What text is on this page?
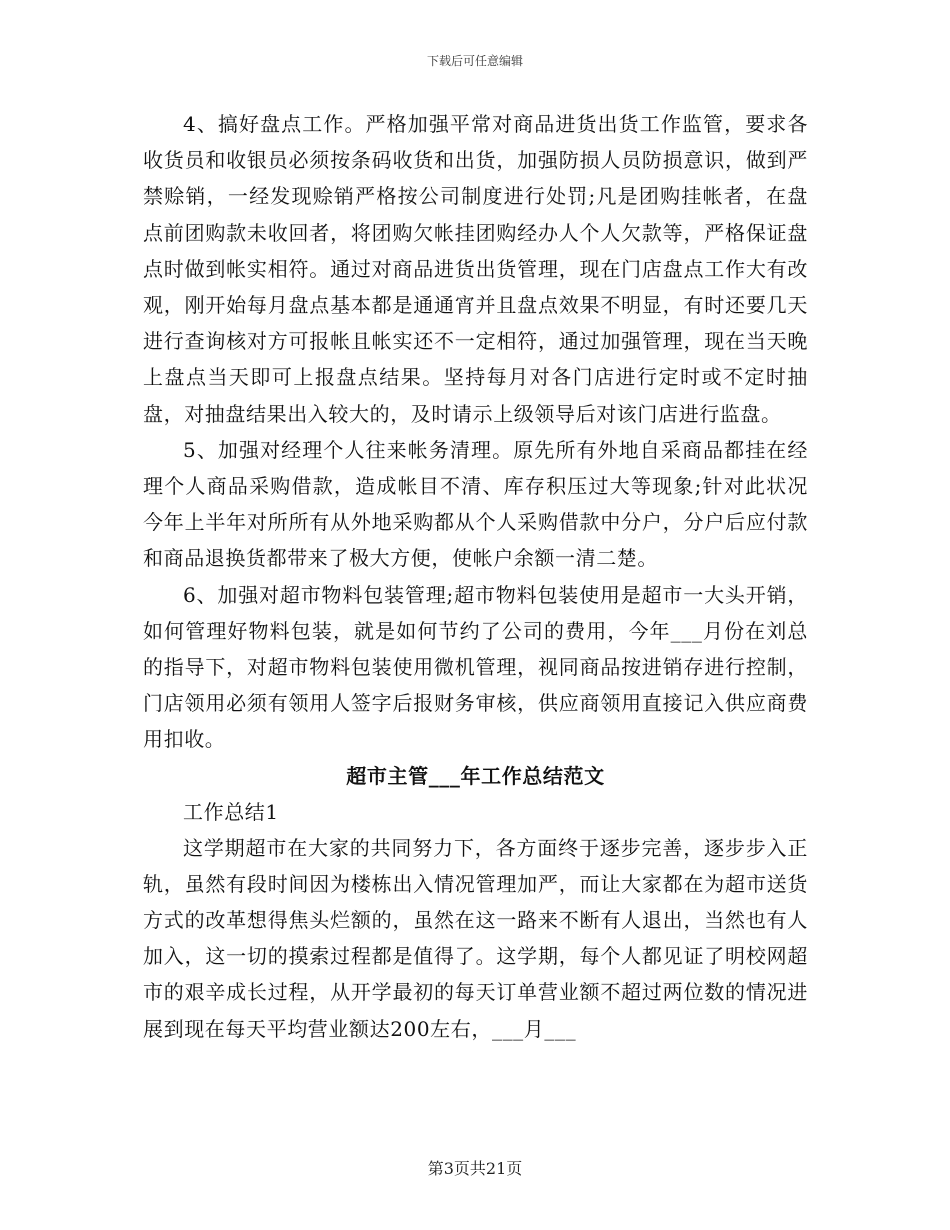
下载后可任意编辑

4、搞好盘点工作。严格加强平常对商品进货出货工作监管，要求各收货员和收银员必须按条码收货和出货，加强防损人员防损意识，做到严禁赊销，一经发现赊销严格按公司制度进行处罚;凡是团购挂帐者，在盘点前团购款未收回者，将团购欠帐挂团购经办人个人欠款等，严格保证盘点时做到帐实相符。通过对商品进货出货管理，现在门店盘点工作大有改观，刚开始每月盘点基本都是通通宵并且盘点效果不明显，有时还要几天进行查询核对方可报帐且帐实还不一定相符，通过加强管理，现在当天晚上盘点当天即可上报盘点结果。坚持每月对各门店进行定时或不定时抽盘，对抽盘结果出入较大的，及时请示上级领导后对该门店进行监盘。

5、加强对经理个人往来帐务清理。原先所有外地自采商品都挂在经理个人商品采购借款，造成帐目不清、库存积压过大等现象;针对此状况今年上半年对所所有从外地采购都从个人采购借款中分户，分户后应付款和商品退换货都带来了极大方便，使帐户余额一清二楚。

6、加强对超市物料包装管理;超市物料包装使用是超市一大头开销，如何管理好物料包装，就是如何节约了公司的费用，今年___月份在刘总的指导下，对超市物料包装使用微机管理，视同商品按进销存进行控制，门店领用必须有领用人签字后报财务审核，供应商领用直接记入供应商费用扣收。

超市主管___年工作总结范文

工作总结1

这学期超市在大家的共同努力下，各方面终于逐步完善，逐步步入正轨，虽然有段时间因为楼栋出入情况管理加严，而让大家都在为超市送货方式的改革想得焦头烂额的，虽然在这一路来不断有人退出，当然也有人加入，这一切的摸索过程都是值得了。这学期，每个人都见证了明校网超市的艰辛成长过程，从开学最初的每天订单营业额不超过两位数的情况进展到现在每天平均营业额达200左右，___月___

第3页共21页
